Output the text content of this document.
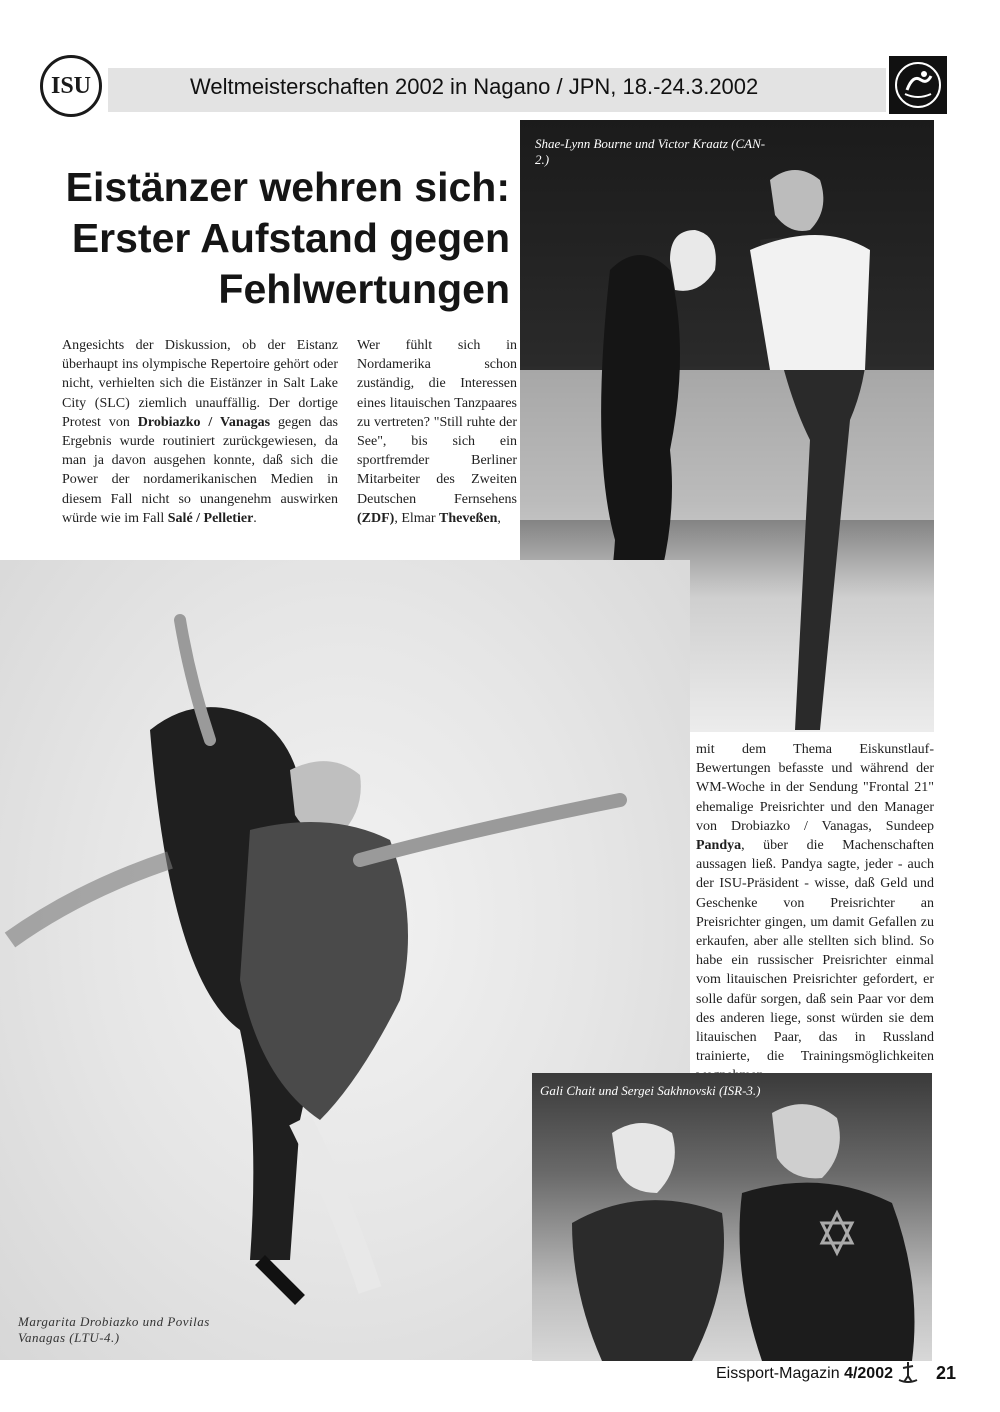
ISU	Weltmeisterschaften 2002 in Nagano / JPN, 18.-24.3.2002
Eistänzer wehren sich:
Erster Aufstand gegen
Fehlwertungen
Angesichts der Diskussion, ob der Eistanz überhaupt ins olympische Repertoire gehört oder nicht, verhielten sich die Eistänzer in Salt Lake City (SLC) ziemlich unauffällig. Der dortige Protest von Drobiazko / Vanagas gegen das Ergebnis wurde routiniert zurückgewiesen, da man ja davon ausgehen konnte, daß sich die Power der nordamerikanischen Medien in diesem Fall nicht so unangenehm auswirken würde wie im Fall Salé / Pelletier.
Wer fühlt sich in Nordamerika schon zuständig, die Interessen eines litauischen Tanzpaares zu vertreten? "Still ruhte der See", bis sich ein sportfremder Berliner Mitarbeiter des Zweiten Deutschen Fernsehens (ZDF), Elmar Theveßen,
Shae-Lynn Bourne und Victor Kraatz (CAN-2.)
Margarita Drobiazko und Povilas Vanagas (LTU-4.)
mit dem Thema Eiskunstlauf-Bewertungen befasste und während der WM-Woche in der Sendung "Frontal 21" ehemalige Preisrichter und den Manager von Drobiazko / Vanagas, Sundeep Pandya, über die Machenschaften aussagen ließ. Pandya sagte, jeder - auch der ISU-Präsident - wisse, daß Geld und Geschenke von Preisrichter an Preisrichter gingen, um damit Gefallen zu erkaufen, aber alle stellten sich blind. So habe ein russischer Preisrichter einmal vom litauischen Preisrichter gefordert, er solle dafür sorgen, daß sein Paar vor dem des anderen liege, sonst würden sie dem litauischen Paar, das in Russland trainierte, die Trainingsmöglichkeiten
Gali Chait und Sergei Sakhnovski (ISR-3.)
Eissport-Magazin 4/2002 21
